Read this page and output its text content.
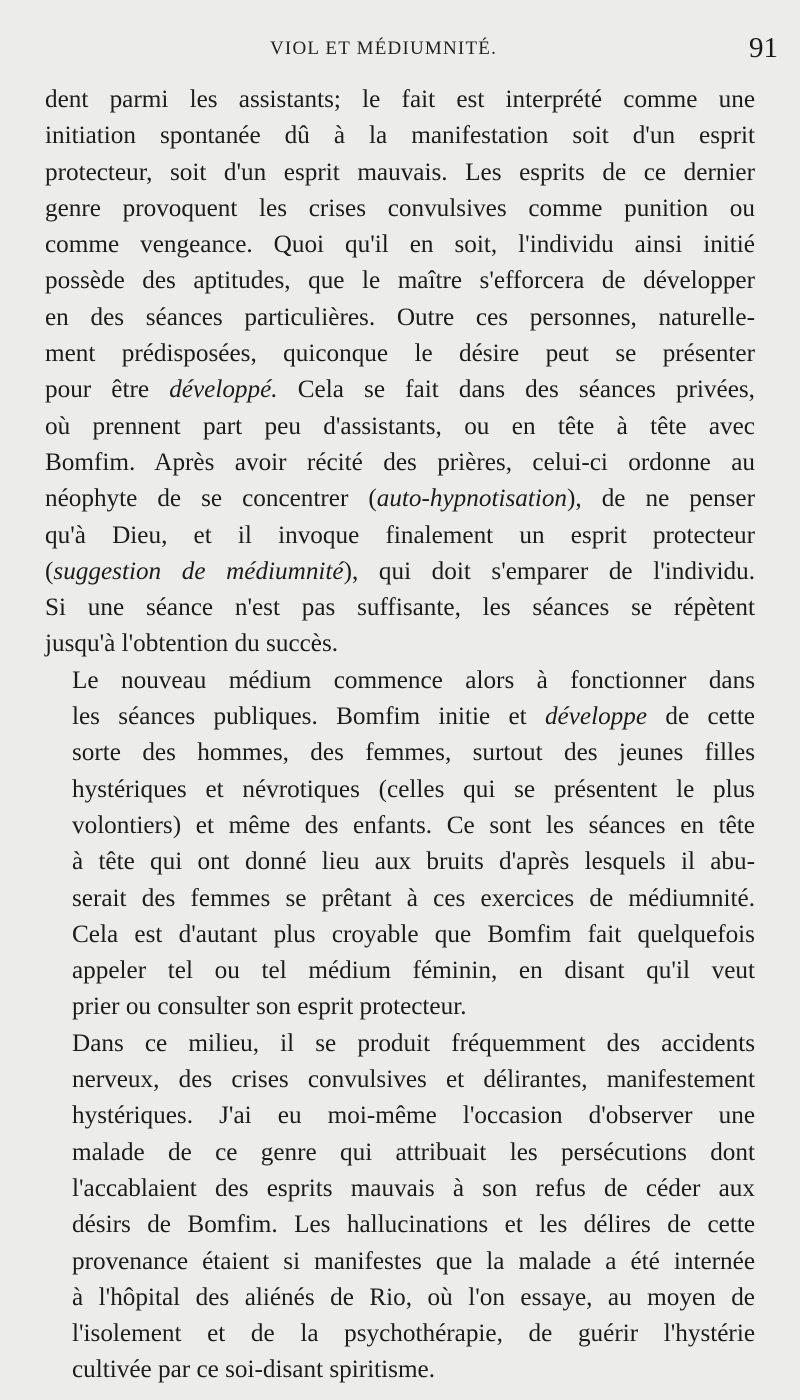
VIOL ET MÉDIUMNITÉ.	91

dent parmi les assistants; le fait est interprété comme une
initiation spontanée dû à la manifestation soit d'un esprit
protecteur, soit d'un esprit mauvais. Les esprits de ce dernier
genre provoquent les crises convulsives comme punition ou
comme vengeance. Quoi qu'il en soit, l'individu ainsi initié
possède des aptitudes, que le maître s'efforcera de développer
en des séances particulières. Outre ces personnes, naturelle-
ment prédisposées, quiconque le désire peut se présenter
pour être développé. Cela se fait dans des séances privées,
où prennent part peu d'assistants, ou en tête à tête avec
Bomfim. Après avoir récité des prières, celui-ci ordonne au
néophyte de se concentrer (auto-hypnotisation), de ne penser
qu'à Dieu, et il invoque finalement un esprit protecteur
(suggestion de médiumnité), qui doit s'emparer de l'individu.
Si une séance n'est pas suffisante, les séances se répètent
jusqu'à l'obtention du succès.

Le nouveau médium commence alors à fonctionner dans
les séances publiques. Bomfim initie et développe de cette
sorte des hommes, des femmes, surtout des jeunes filles
hystériques et névrotiques (celles qui se présentent le plus
volontiers) et même des enfants. Ce sont les séances en tête
à tête qui ont donné lieu aux bruits d'après lesquels il abu-
serait des femmes se prêtant à ces exercices de médiumnité.
Cela est d'autant plus croyable que Bomfim fait quelquefois
appeler tel ou tel médium féminin, en disant qu'il veut
prier ou consulter son esprit protecteur.

Dans ce milieu, il se produit fréquemment des accidents
nerveux, des crises convulsives et délirantes, manifestement
hystériques. J'ai eu moi-même l'occasion d'observer une
malade de ce genre qui attribuait les persécutions dont
l'accablaient des esprits mauvais à son refus de céder aux
désirs de Bomfim. Les hallucinations et les délires de cette
provenance étaient si manifestes que la malade a été internée
à l'hôpital des aliénés de Rio, où l'on essaye, au moyen de
l'isolement et de la psychothérapie, de guérir l'hystérie
cultivée par ce soi-disant spiritisme.
